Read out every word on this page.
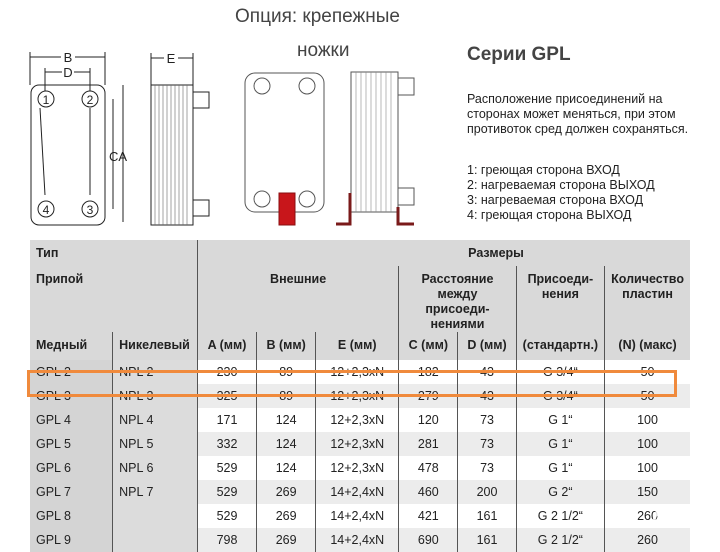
Опция: крепежные
ножки	Серии GPL
Расположение присоединений на сторонах может меняться, при этом противоток сред должен сохраняться.
1: греющая сторона ВХОД
2: нагреваемая сторона ВЫХОД
3: нагреваемая сторона ВХОД
4: греющая сторона ВЫХОД
B
D
CA
1	2
3
4
E
Тип		Размеры						
Припой		Внешние			Расстояние между присоеди- нениями		Присоеди- нения	Количество пластин
Медный	Никелевый	A (мм)	B (мм)	E (мм)	C (мм)	D (мм)	(стандартн.)	(N) (макс)
GPL 2	NPL 2	230	89	12+2,3xN	182	43	G 3/4“	50
GPL 3	NPL 3	325	89	12+2,3xN	279	43	G 3/4“	50
GPL 4	NPL 4	171	124	12+2,3xN	120	73	G 1“	100
GPL 5	NPL 5	332	124	12+2,3xN	281	73	G 1“	100
GPL 6	NPL 6	529	124	12+2,3xN	478	73	G 1“	100
GPL 7	NPL 7	529	269	14+2,4xN	460	200	G 2“	150
GPL 8		529	269	14+2,4xN	421	161	G 2 1/2“	260
GPL 9		798	269	14+2,4xN	690	161	G 2 1/2“	260
Avito
